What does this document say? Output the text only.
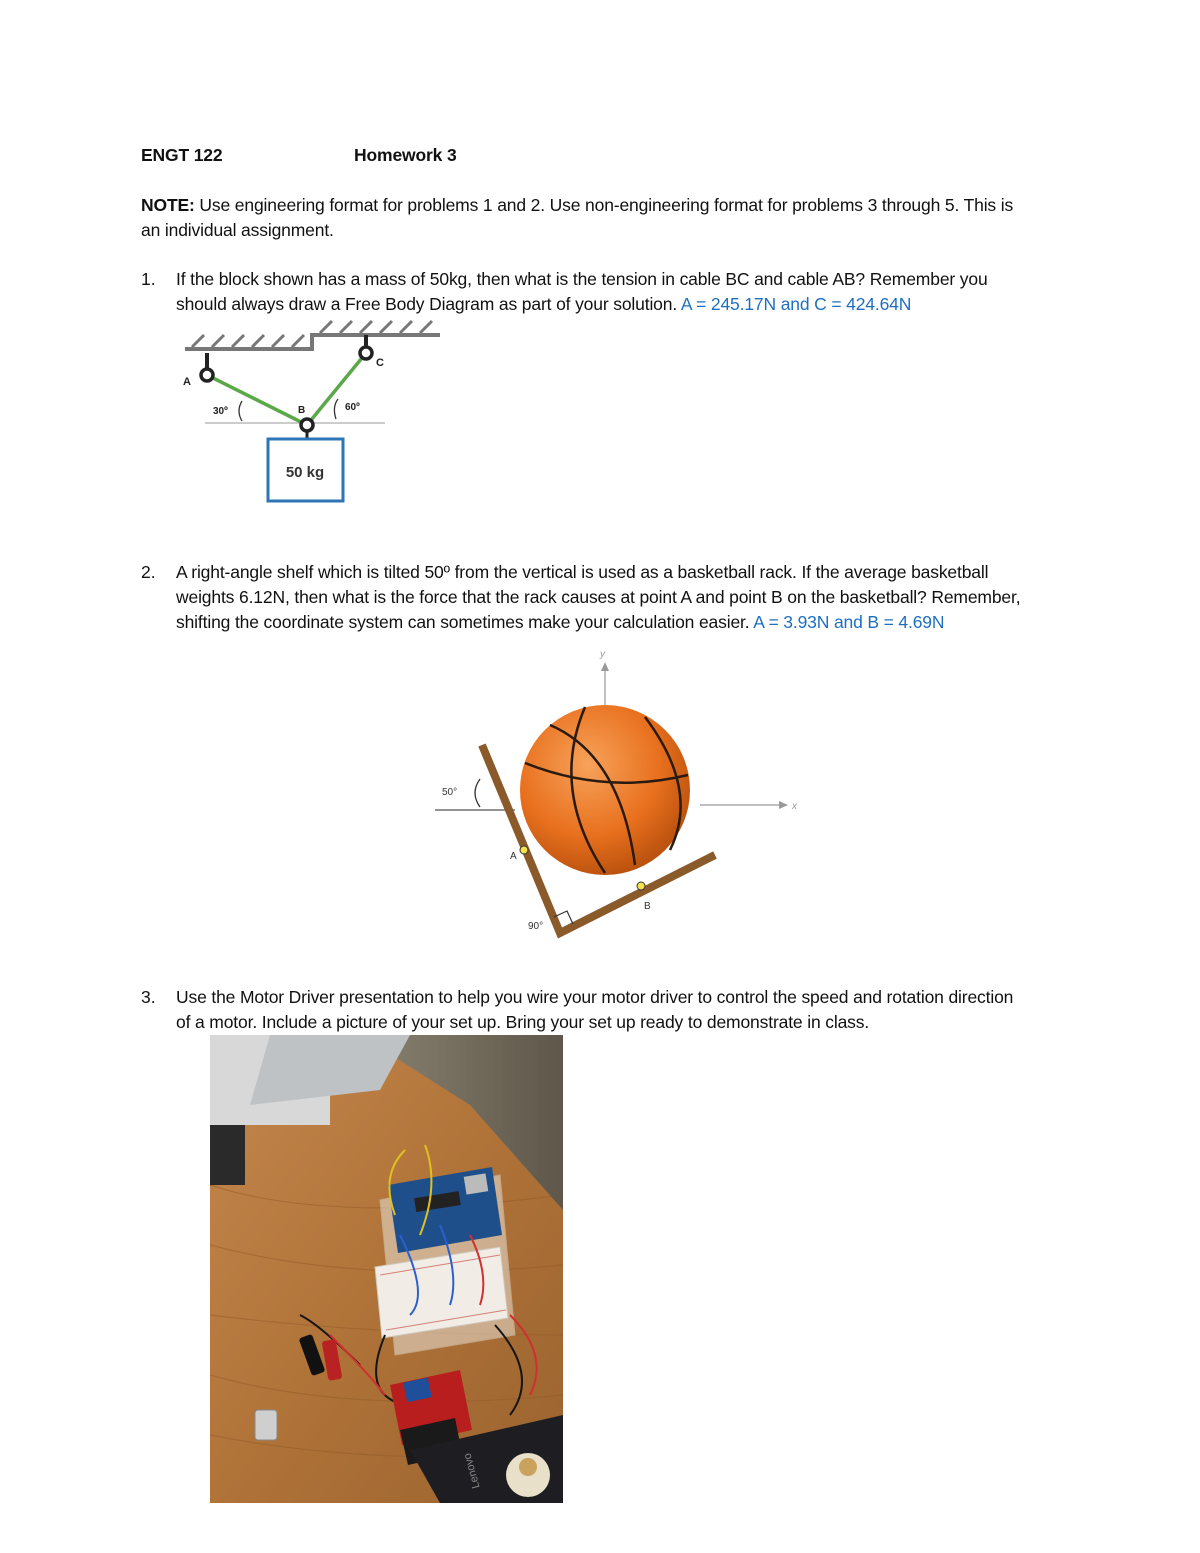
ENGT 122	Homework 3
NOTE: Use engineering format for problems 1 and 2. Use non-engineering format for problems 3 through 5. This is
an individual assignment.
1. If the block shown has a mass of 50kg, then what is the tension in cable BC and cable AB? Remember you
should always draw a Free Body Diagram as part of your solution. A = 245.17N and C = 424.64N
50 kg
A
C
B
30º	60º
2. A right-angle shelf which is tilted 50º from the vertical is used as a basketball rack. If the average basketball
weights 6.12N, then what is the force that the rack causes at point A and point B on the basketball? Remember,
shifting the coordinate system can sometimes make your calculation easier. A = 3.93N and B = 4.69N
y
x
50°
90°
A
B
3. Use the Motor Driver presentation to help you wire your motor driver to control the speed and rotation direction
of a motor. Include a picture of your set up. Bring your set up ready to demonstrate in class.
Lenovo
